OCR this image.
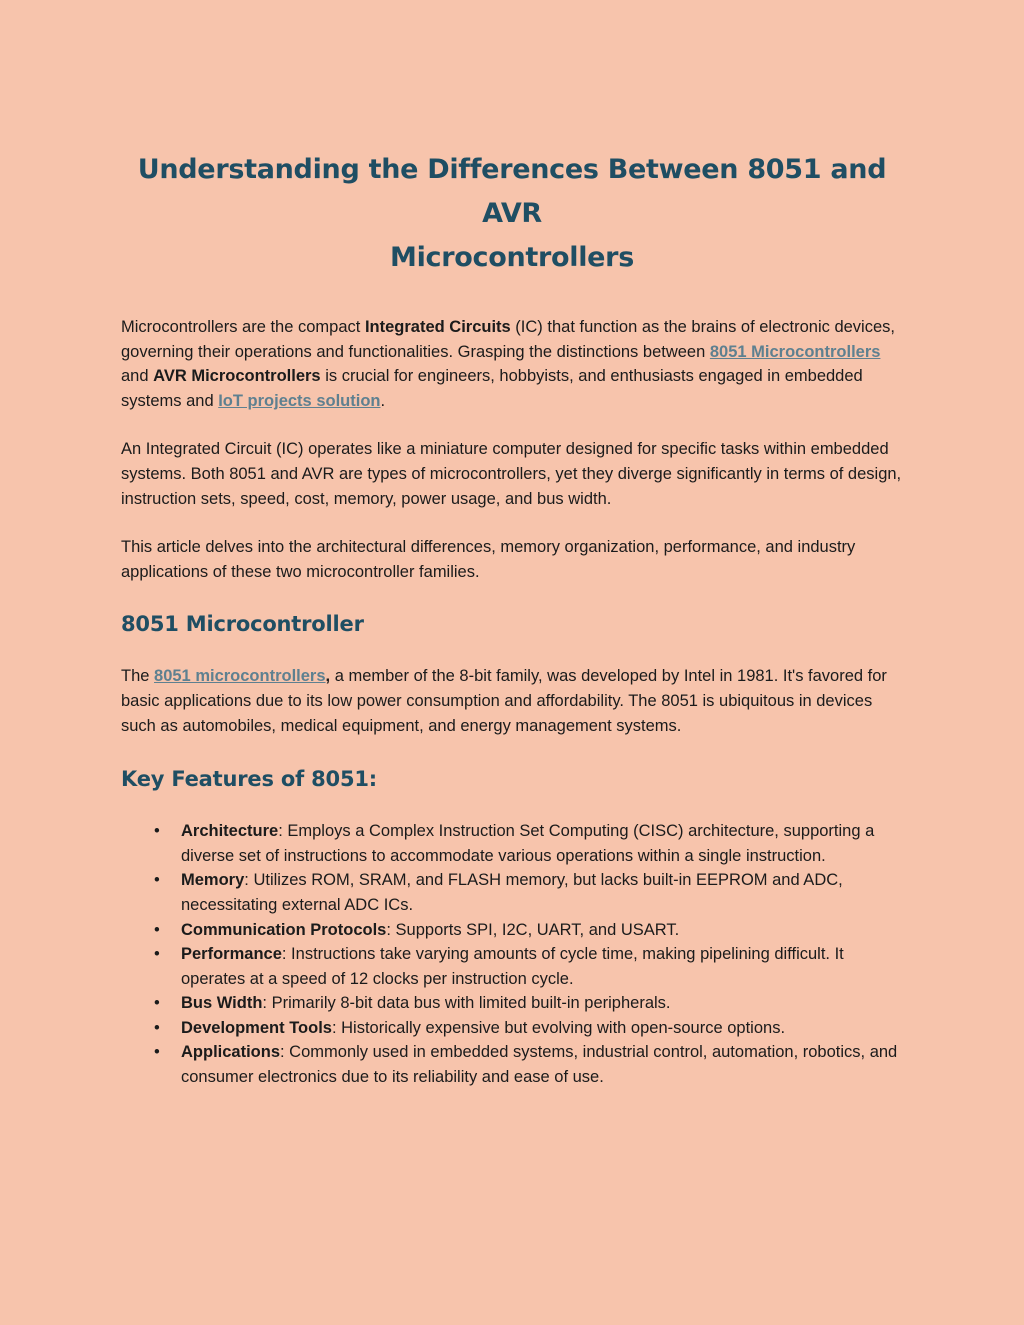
Understanding the Differences Between 8051 and AVR
Microcontrollers

Microcontrollers are the compact Integrated Circuits (IC) that function as the brains of electronic devices, governing their operations and functionalities. Grasping the distinctions between 8051 Microcontrollers and AVR Microcontrollers is crucial for engineers, hobbyists, and enthusiasts engaged in embedded systems and IoT projects solution.

An Integrated Circuit (IC) operates like a miniature computer designed for specific tasks within embedded systems. Both 8051 and AVR are types of microcontrollers, yet they diverge significantly in terms of design, instruction sets, speed, cost, memory, power usage, and bus width.

This article delves into the architectural differences, memory organization, performance, and industry applications of these two microcontroller families.

8051 Microcontroller

The 8051 microcontrollers, a member of the 8-bit family, was developed by Intel in 1981. It's favored for basic applications due to its low power consumption and affordability. The 8051 is ubiquitous in devices such as automobiles, medical equipment, and energy management systems.

Key Features of 8051:
• Architecture: Employs a Complex Instruction Set Computing (CISC) architecture, supporting a diverse set of instructions to accommodate various operations within a single instruction.
• Memory: Utilizes ROM, SRAM, and FLASH memory, but lacks built-in EEPROM and ADC, necessitating external ADC ICs.
• Communication Protocols: Supports SPI, I2C, UART, and USART.
• Performance: Instructions take varying amounts of cycle time, making pipelining difficult. It operates at a speed of 12 clocks per instruction cycle.
• Bus Width: Primarily 8-bit data bus with limited built-in peripherals.
• Development Tools: Historically expensive but evolving with open-source options.
• Applications: Commonly used in embedded systems, industrial control, automation, robotics, and consumer electronics due to its reliability and ease of use.
